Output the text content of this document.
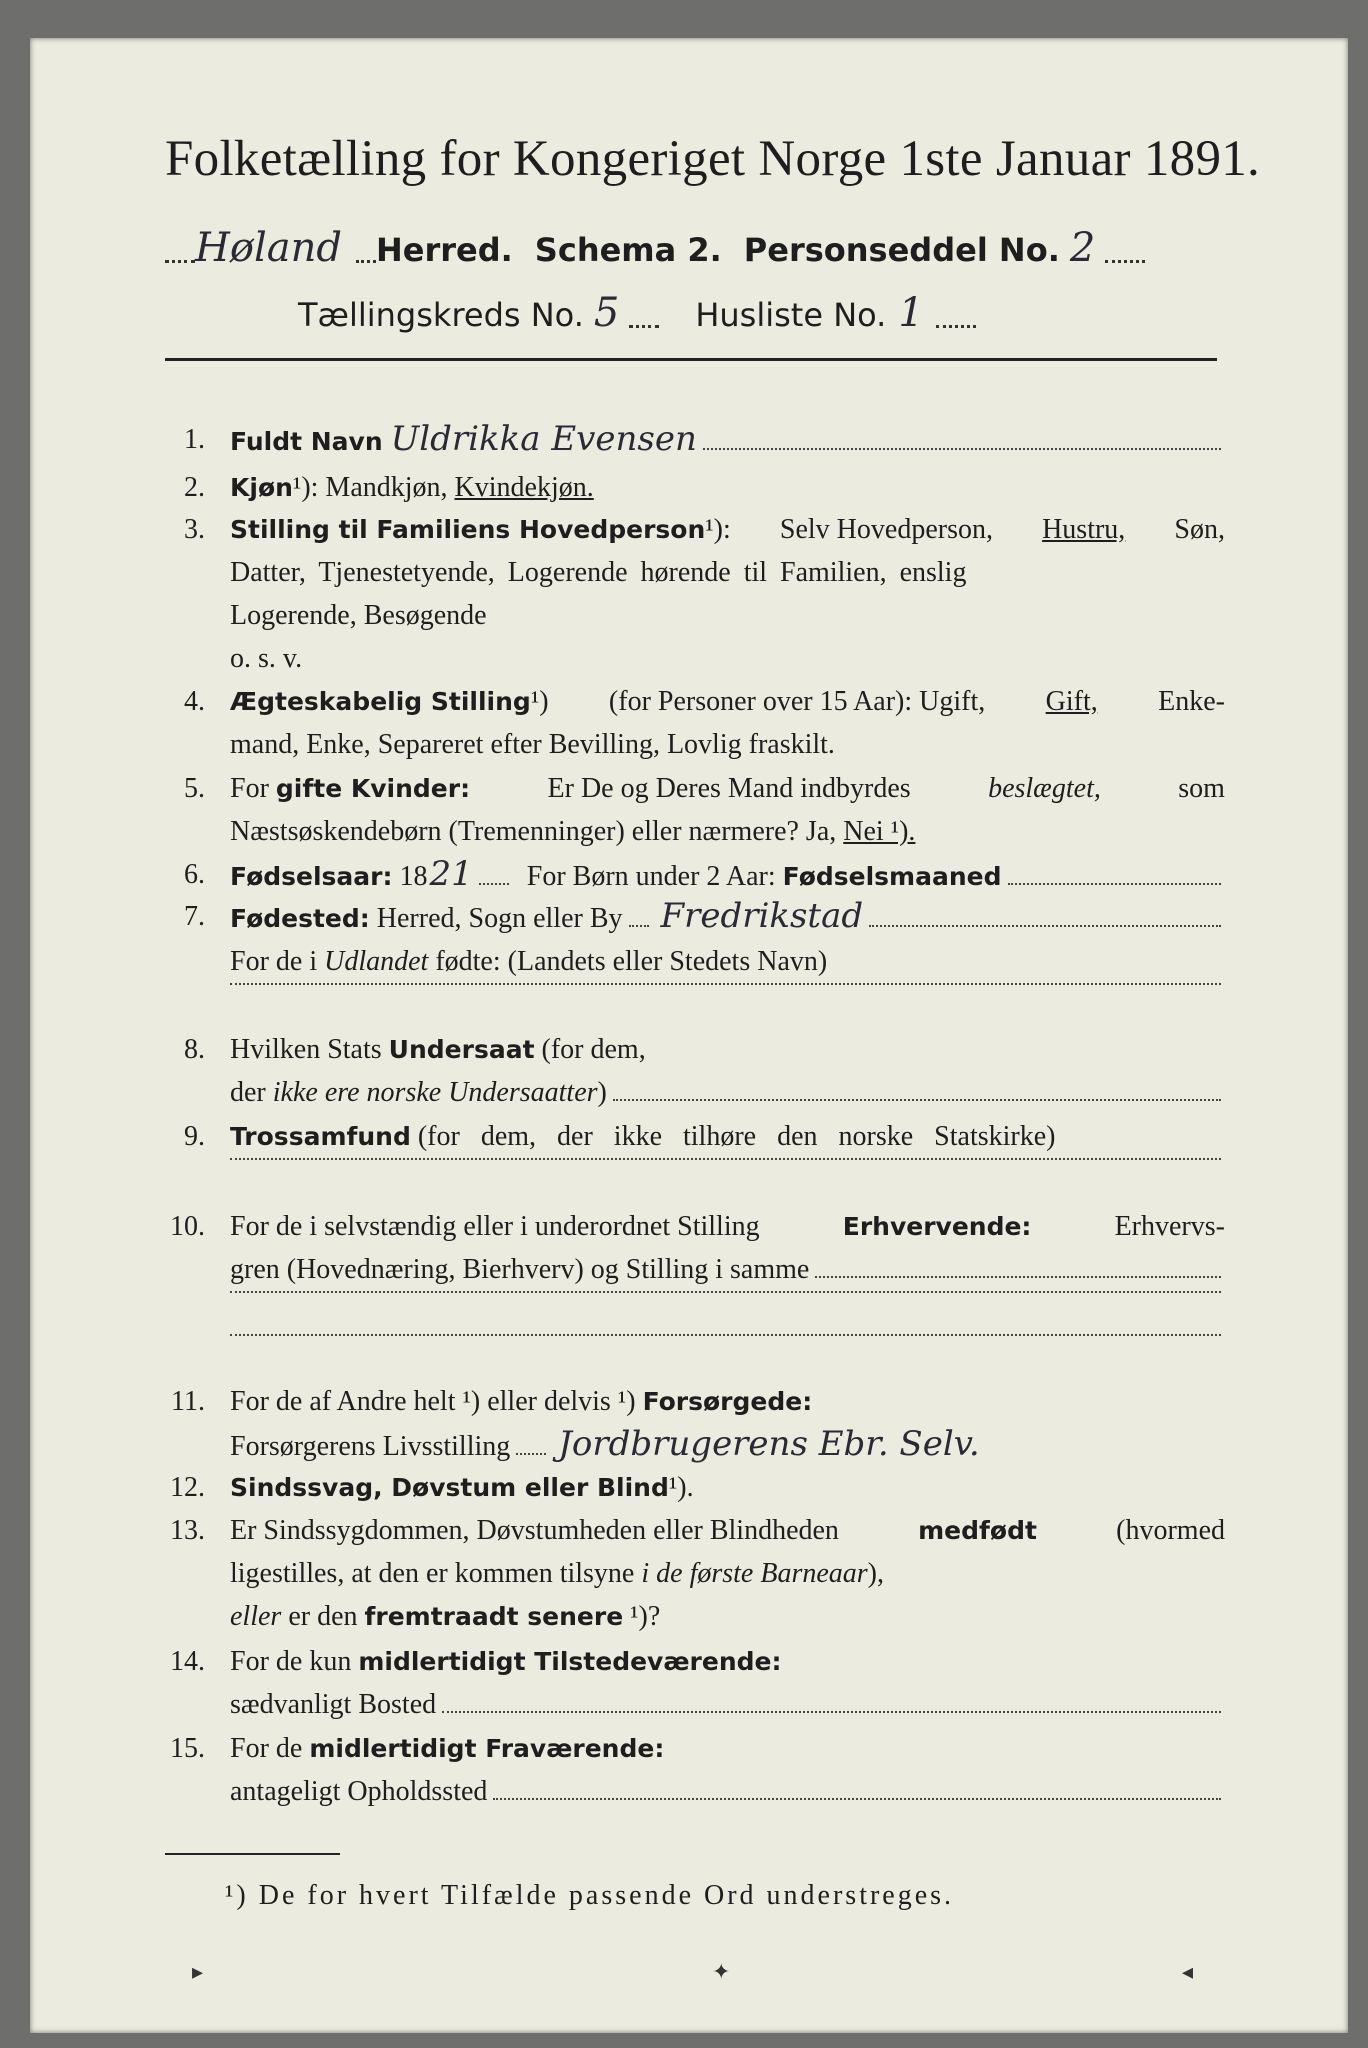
Folketælling for Kongeriget Norge 1ste Januar 1891.
Høland Herred. Schema 2. Personseddel No. 2
Tællingskreds No. 5 Husliste No. 1
1. Fuldt Navn Uldrikka Evensen
2. Kjøn ¹):
Mandkjøn,
Kvindekjøn.
3. Stilling til Familiens Hovedperson¹): Selv Hovedperson, Hustru, Søn,
Datter, Tjenestetyende, Logerende hørende til Familien, enslig
Logerende, Besøgende
o. s. v.
4. Ægteskabelig Stilling¹) (for Personer over 15 Aar): Ugift, Gift, Enke-
mand, Enke, Separeret efter Bevilling, Lovlig fraskilt.
5. For gifte Kvinder:	Er De og Deres Mand indbyrdes	beslægtet,	som
Næstsøskendebørn (Tremenninger) eller nærmere? Ja,
Nei ¹).
6. Fødselsaar:
18 21 For Børn under 2 Aar:
Fødselsmaaned
7. Fødested:
Herred, Sogn eller By Fredrikstad
For de i
Udlandet
fødte: (Landets eller Stedets Navn)
8. Hvilken Stats
Undersaat
(for dem,
der
ikke ere norske Undersaatter )
9. Trossamfund
(for dem, der ikke tilhøre den norske Statskirke)
10. For de i selvstændig eller i underordnet Stilling	Erhvervende:	Erhvervs-
gren (Hovednæring, Bierhverv) og Stilling i samme
11. For de af Andre helt ¹) eller delvis ¹)
Forsørgede:
Forsørgerens Livsstilling Jordbrugerens Ebr. Selv.
12. Sindssvag, Døvstum eller Blind ¹).
13. Er Sindssygdommen, Døvstumheden eller Blindheden	medfødt	(hvormed
ligestilles, at den er kommen tilsyne
i de første Barneaar ),
eller
er den
fremtraadt senere
¹)?
14. For de kun
midlertidigt Tilstedeværende:
sædvanligt Bosted
15. For de
midlertidigt Fraværende:
antageligt Opholdssted
¹) De for hvert Tilfælde passende Ord understreges.
▸	✦	◂
